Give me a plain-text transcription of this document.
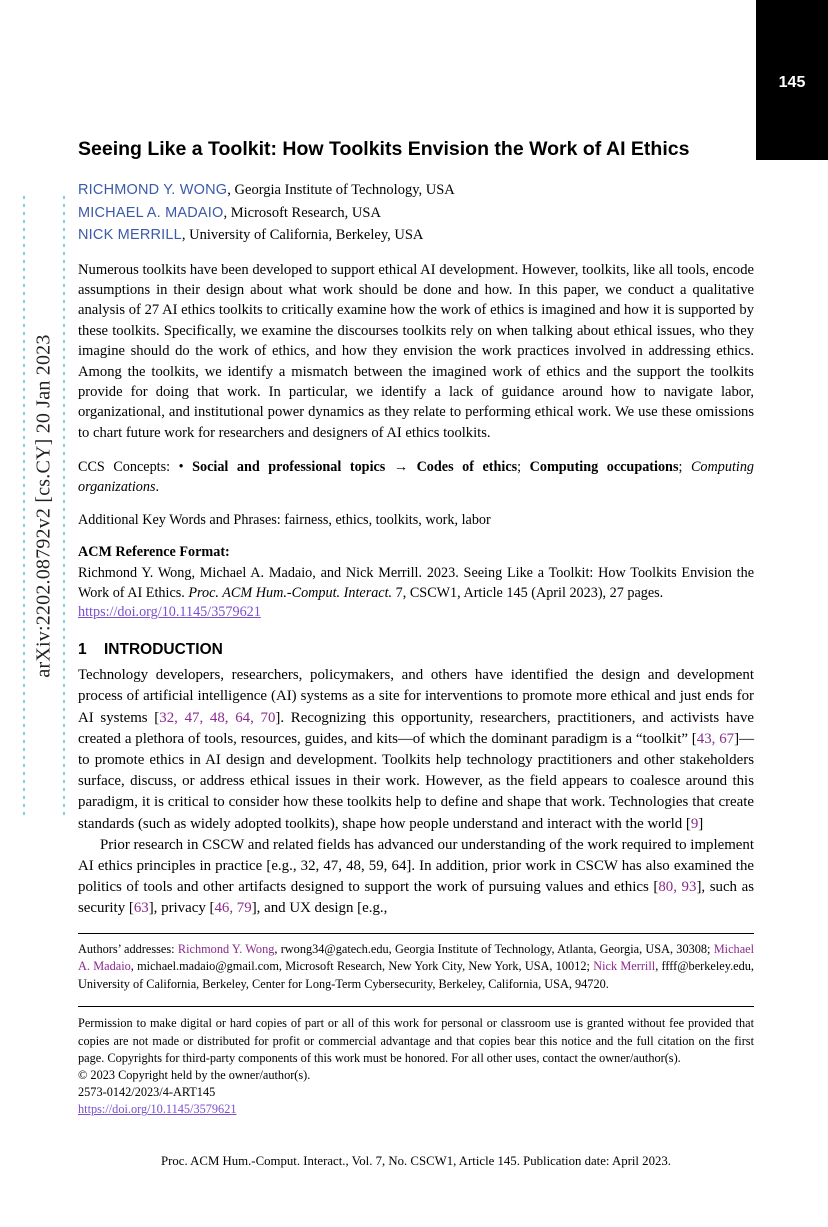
145
arXiv:2202.08792v2 [cs.CY] 20 Jan 2023
Seeing Like a Toolkit: How Toolkits Envision the Work of AI Ethics
RICHMOND Y. WONG, Georgia Institute of Technology, USA
MICHAEL A. MADAIO, Microsoft Research, USA
NICK MERRILL, University of California, Berkeley, USA
Numerous toolkits have been developed to support ethical AI development. However, toolkits, like all tools, encode assumptions in their design about what work should be done and how. In this paper, we conduct a qualitative analysis of 27 AI ethics toolkits to critically examine how the work of ethics is imagined and how it is supported by these toolkits. Specifically, we examine the discourses toolkits rely on when talking about ethical issues, who they imagine should do the work of ethics, and how they envision the work practices involved in addressing ethics. Among the toolkits, we identify a mismatch between the imagined work of ethics and the support the toolkits provide for doing that work. In particular, we identify a lack of guidance around how to navigate labor, organizational, and institutional power dynamics as they relate to performing ethical work. We use these omissions to chart future work for researchers and designers of AI ethics toolkits.
CCS Concepts: • Social and professional topics → Codes of ethics; Computing occupations; Computing organizations.
Additional Key Words and Phrases: fairness, ethics, toolkits, work, labor
ACM Reference Format:
Richmond Y. Wong, Michael A. Madaio, and Nick Merrill. 2023. Seeing Like a Toolkit: How Toolkits Envision the Work of AI Ethics. Proc. ACM Hum.-Comput. Interact. 7, CSCW1, Article 145 (April 2023), 27 pages.
https://doi.org/10.1145/3579621
1 INTRODUCTION
Technology developers, researchers, policymakers, and others have identified the design and development process of artificial intelligence (AI) systems as a site for interventions to promote more ethical and just ends for AI systems [32, 47, 48, 64, 70]. Recognizing this opportunity, researchers, practitioners, and activists have created a plethora of tools, resources, guides, and kits—of which the dominant paradigm is a “toolkit” [43, 67]—to promote ethics in AI design and development. Toolkits help technology practitioners and other stakeholders surface, discuss, or address ethical issues in their work. However, as the field appears to coalesce around this paradigm, it is critical to consider how these toolkits help to define and shape that work. Technologies that create standards (such as widely adopted toolkits), shape how people understand and interact with the world [9]
Prior research in CSCW and related fields has advanced our understanding of the work required to implement AI ethics principles in practice [e.g., 32, 47, 48, 59, 64]. In addition, prior work in CSCW has also examined the politics of tools and other artifacts designed to support the work of pursuing values and ethics [80, 93], such as security [63], privacy [46, 79], and UX design [e.g.,
Authors’ addresses: Richmond Y. Wong, rwong34@gatech.edu, Georgia Institute of Technology, Atlanta, Georgia, USA, 30308; Michael A. Madaio, michael.madaio@gmail.com, Microsoft Research, New York City, New York, USA, 10012; Nick Merrill, ffff@berkeley.edu, University of California, Berkeley, Center for Long-Term Cybersecurity, Berkeley, California, USA, 94720.
Permission to make digital or hard copies of part or all of this work for personal or classroom use is granted without fee provided that copies are not made or distributed for profit or commercial advantage and that copies bear this notice and the full citation on the first page. Copyrights for third-party components of this work must be honored. For all other uses, contact the owner/author(s).
© 2023 Copyright held by the owner/author(s).
2573-0142/2023/4-ART145
https://doi.org/10.1145/3579621
Proc. ACM Hum.-Comput. Interact., Vol. 7, No. CSCW1, Article 145. Publication date: April 2023.
